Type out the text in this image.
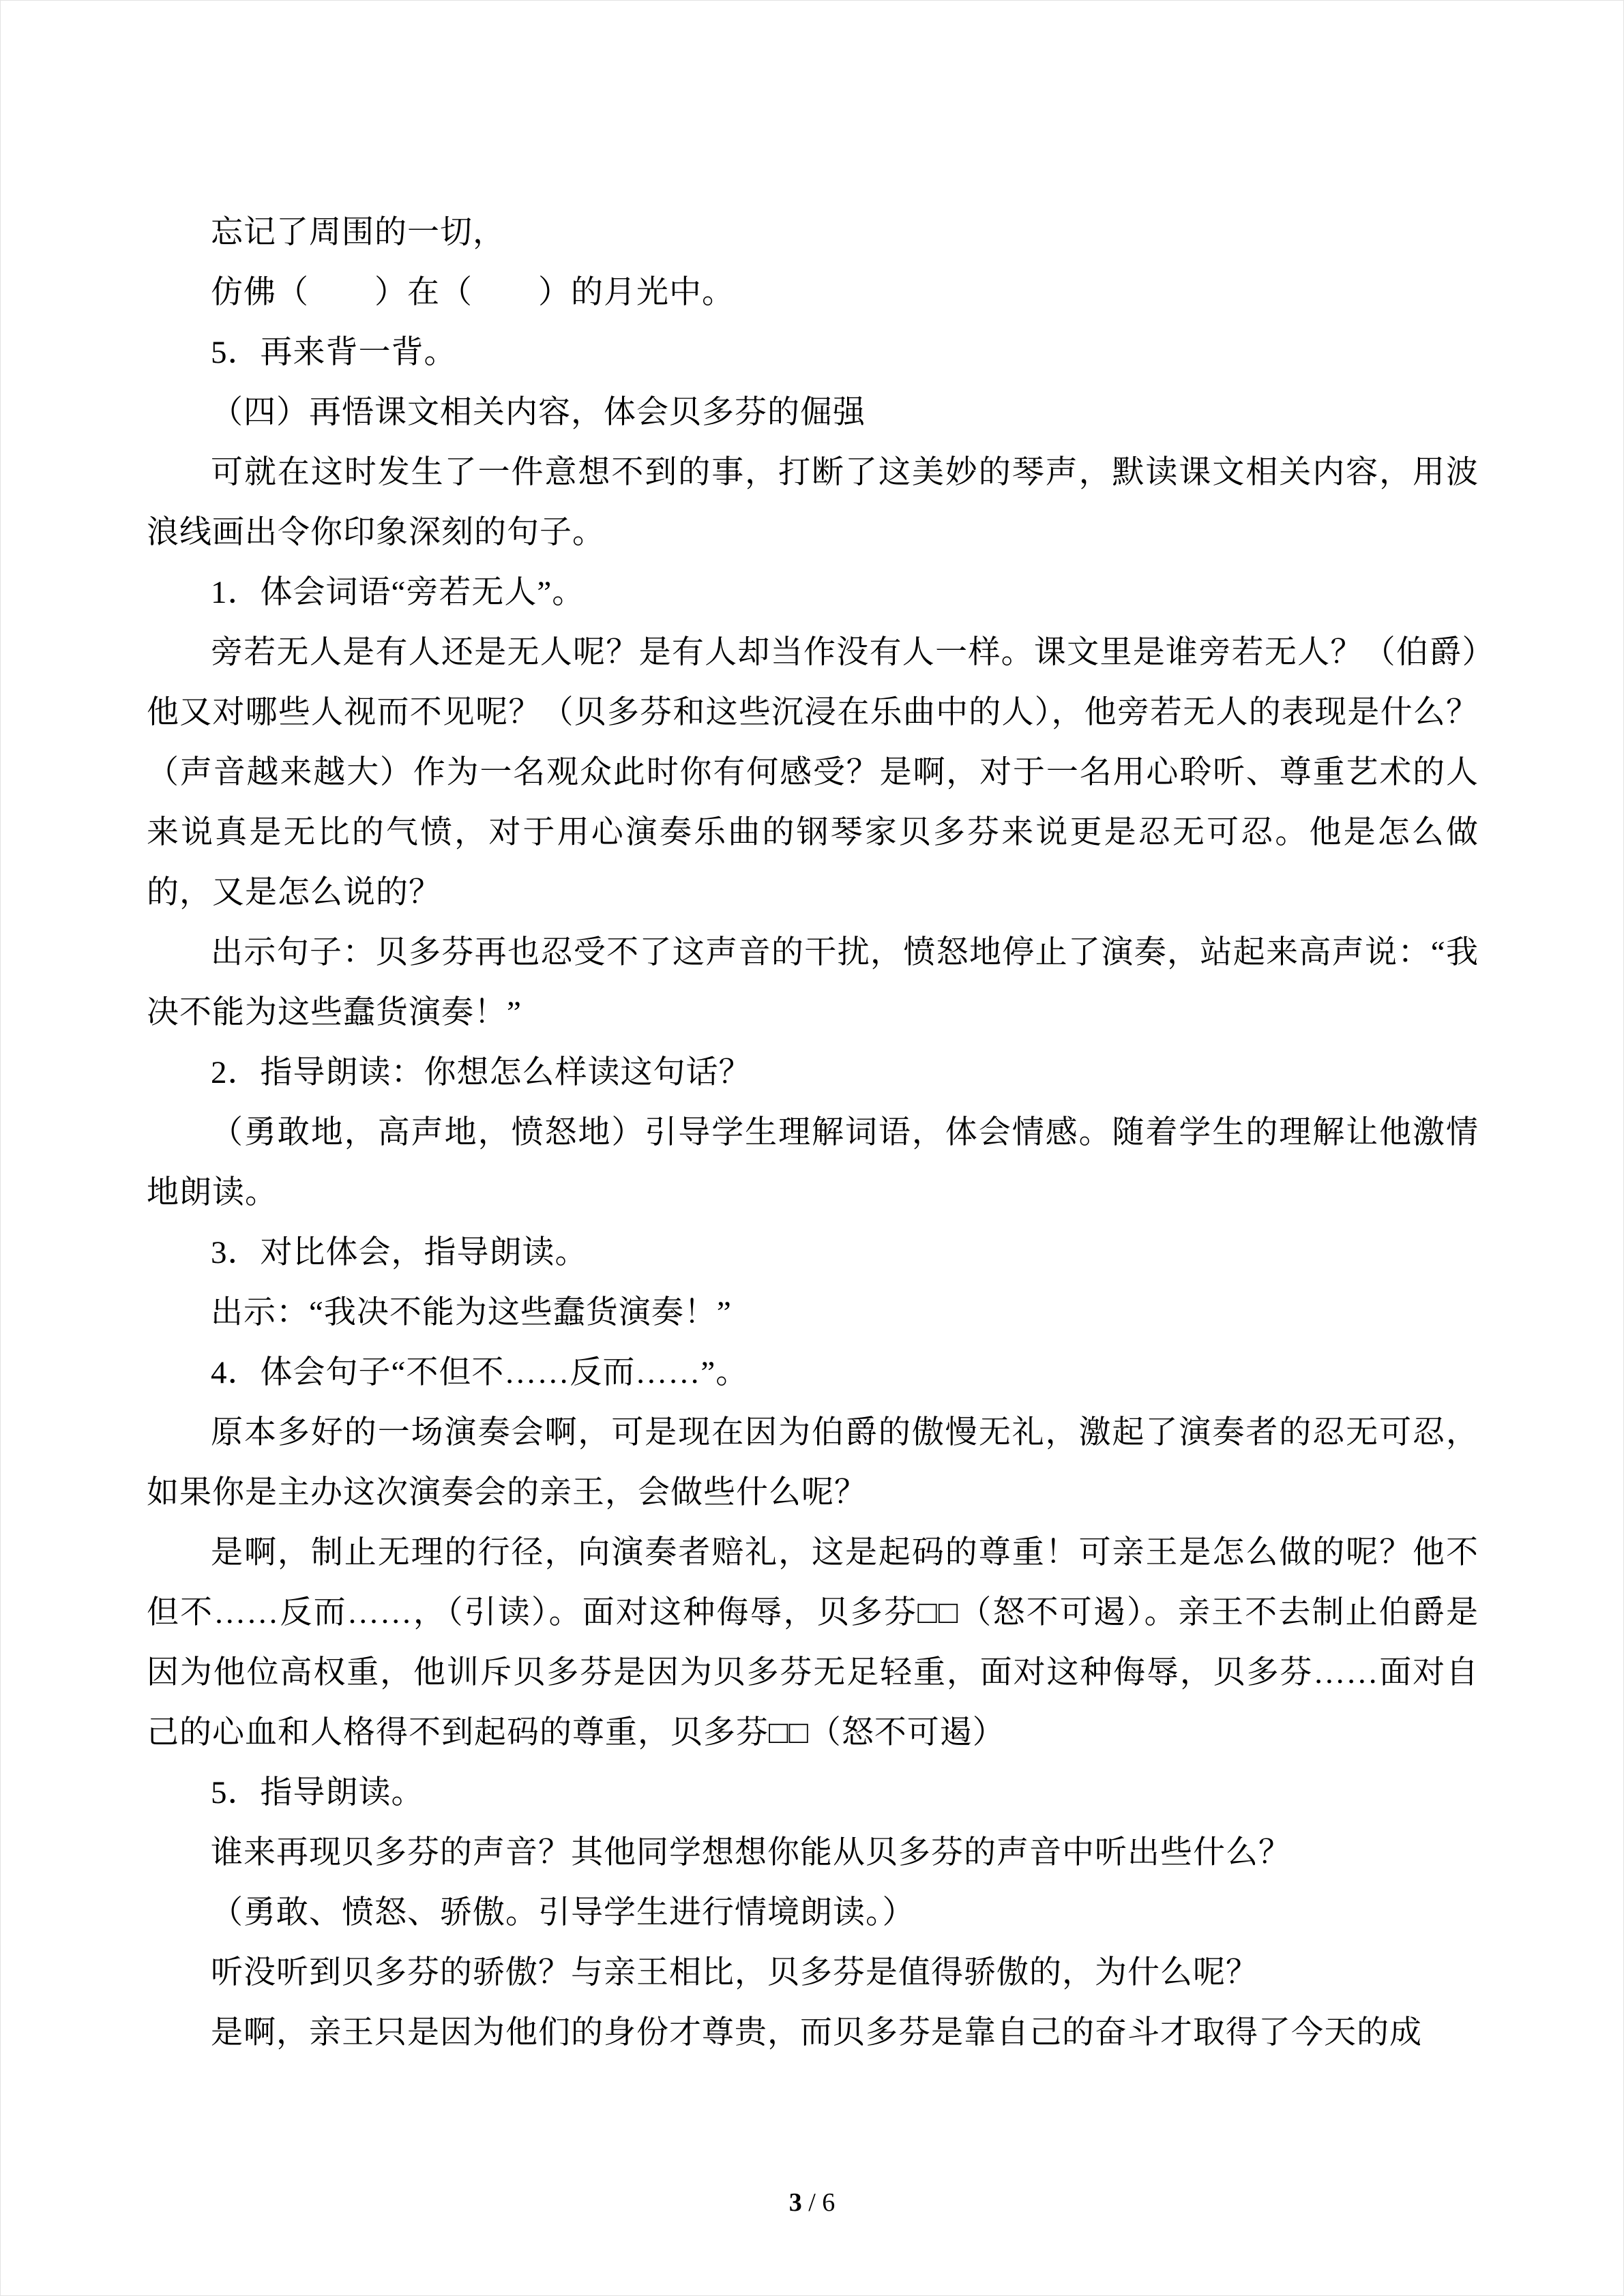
忘记了周围的一切，

仿佛（　　）在（　　）的月光中。

5．再来背一背。

（四）再悟课文相关内容，体会贝多芬的倔强

可就在这时发生了一件意想不到的事，打断了这美妙的琴声，默读课文相关内容，用波浪线画出令你印象深刻的句子。

1．体会词语“旁若无人”。

旁若无人是有人还是无人呢？是有人却当作没有人一样。课文里是谁旁若无人？（伯爵）他又对哪些人视而不见呢？（贝多芬和这些沉浸在乐曲中的人），他旁若无人的表现是什么？（声音越来越大）作为一名观众此时你有何感受？是啊，对于一名用心聆听、尊重艺术的人来说真是无比的气愤，对于用心演奏乐曲的钢琴家贝多芬来说更是忍无可忍。他是怎么做的，又是怎么说的？

出示句子：贝多芬再也忍受不了这声音的干扰，愤怒地停止了演奏，站起来高声说：“我决不能为这些蠢货演奏！”

2．指导朗读：你想怎么样读这句话？

（勇敢地，高声地，愤怒地）引导学生理解词语，体会情感。随着学生的理解让他激情地朗读。

3．对比体会，指导朗读。

出示：“我决不能为这些蠢货演奏！”

4．体会句子“不但不……反而……”。

原本多好的一场演奏会啊，可是现在因为伯爵的傲慢无礼，激起了演奏者的忍无可忍，如果你是主办这次演奏会的亲王，会做些什么呢？

是啊，制止无理的行径，向演奏者赔礼，这是起码的尊重！可亲王是怎么做的呢？他不但不……反而……，（引读）。面对这种侮辱，贝多芬□□（怒不可遏）。亲王不去制止伯爵是因为他位高权重，他训斥贝多芬是因为贝多芬无足轻重，面对这种侮辱，贝多芬……面对自己的心血和人格得不到起码的尊重，贝多芬□□（怒不可遏）

5．指导朗读。

谁来再现贝多芬的声音？其他同学想想你能从贝多芬的声音中听出些什么？

（勇敢、愤怒、骄傲。引导学生进行情境朗读。）

听没听到贝多芬的骄傲？与亲王相比，贝多芬是值得骄傲的，为什么呢？

是啊，亲王只是因为他们的身份才尊贵，而贝多芬是靠自己的奋斗才取得了今天的成

3 / 6
